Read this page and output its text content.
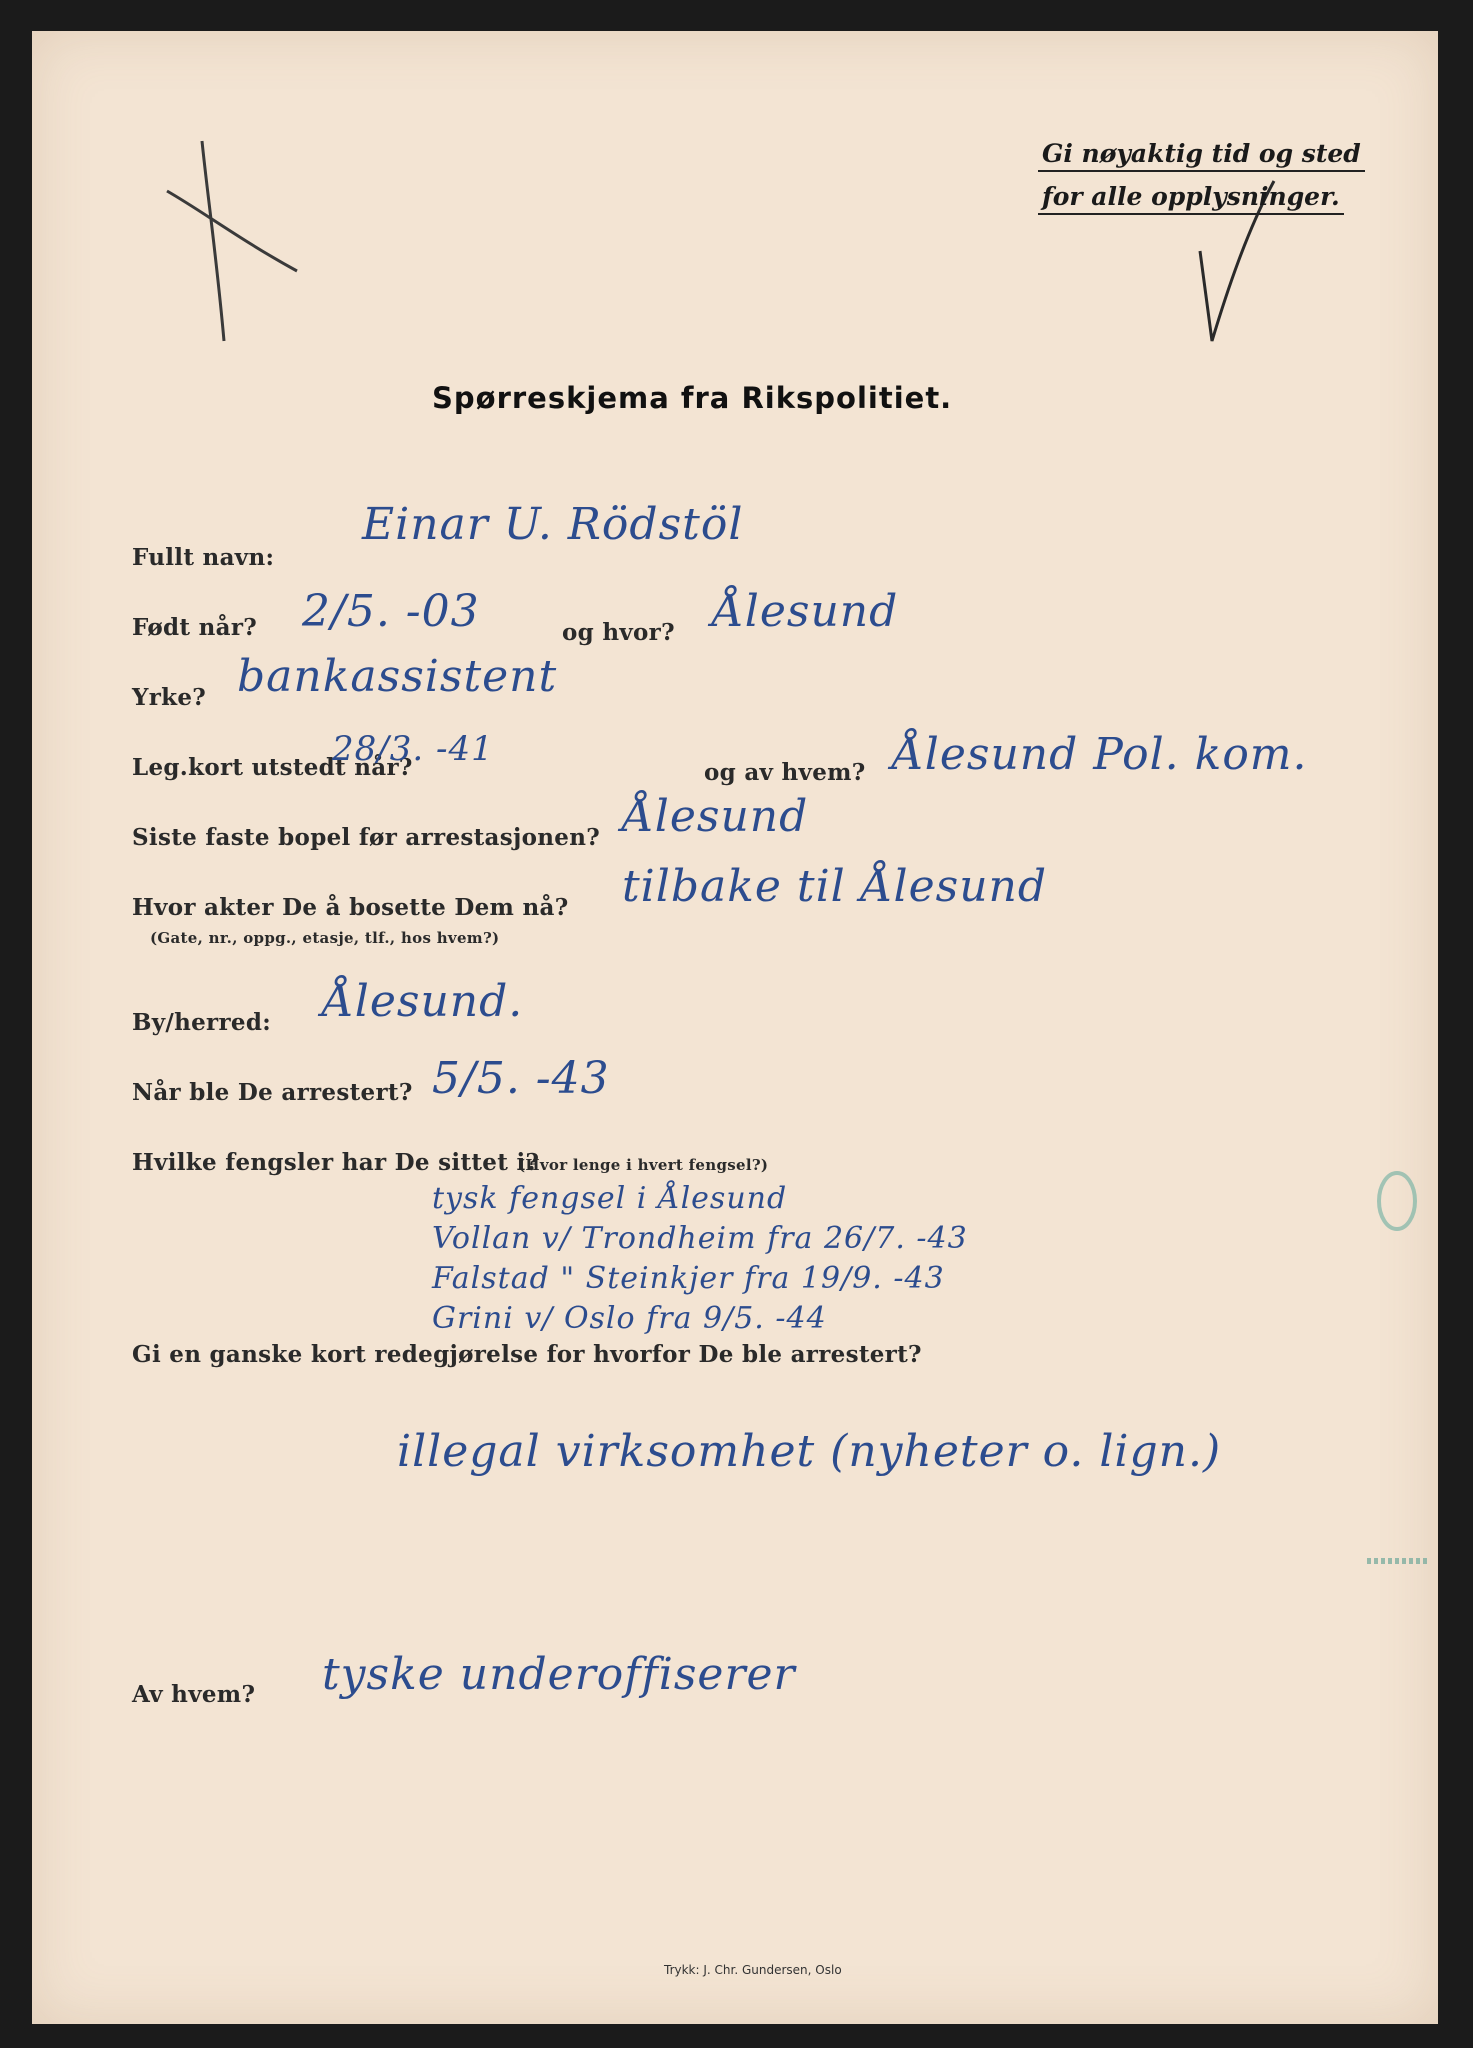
Gi nøyaktig tid og sted
for alle opplysninger.
Spørreskjema fra Rikspolitiet.
Fullt navn:
Einar U. Rödstöl
Født når? 2/5. -03	og hvor? Ålesund
Yrke? bankassistent
Leg.kort utstedt når?
28/3. -41
og av hvem? Ålesund Pol. kom.
Siste faste bopel før arrestasjonen? Ålesund
Hvor akter De å bosette Dem nå?
(Gate, nr., oppg., etasje, tlf., hos hvem?)
tilbake til Ålesund
By/herred: Ålesund.
Når ble De arrestert? 5/5. -43
Hvilke fengsler har De sittet i?
(Hvor lenge i hvert fengsel?)
tysk fengsel i Ålesund
Vollan v/ Trondheim fra 26/7. -43
Falstad " Steinkjer fra 19/9. -43
Grini v/ Oslo fra 9/5. -44
Gi en ganske kort redegjørelse for hvorfor De ble arrestert?
illegal virksomhet (nyheter o. lign.)
Av hvem? tyske underoffiserer
Trykk: J. Chr. Gundersen, Oslo
